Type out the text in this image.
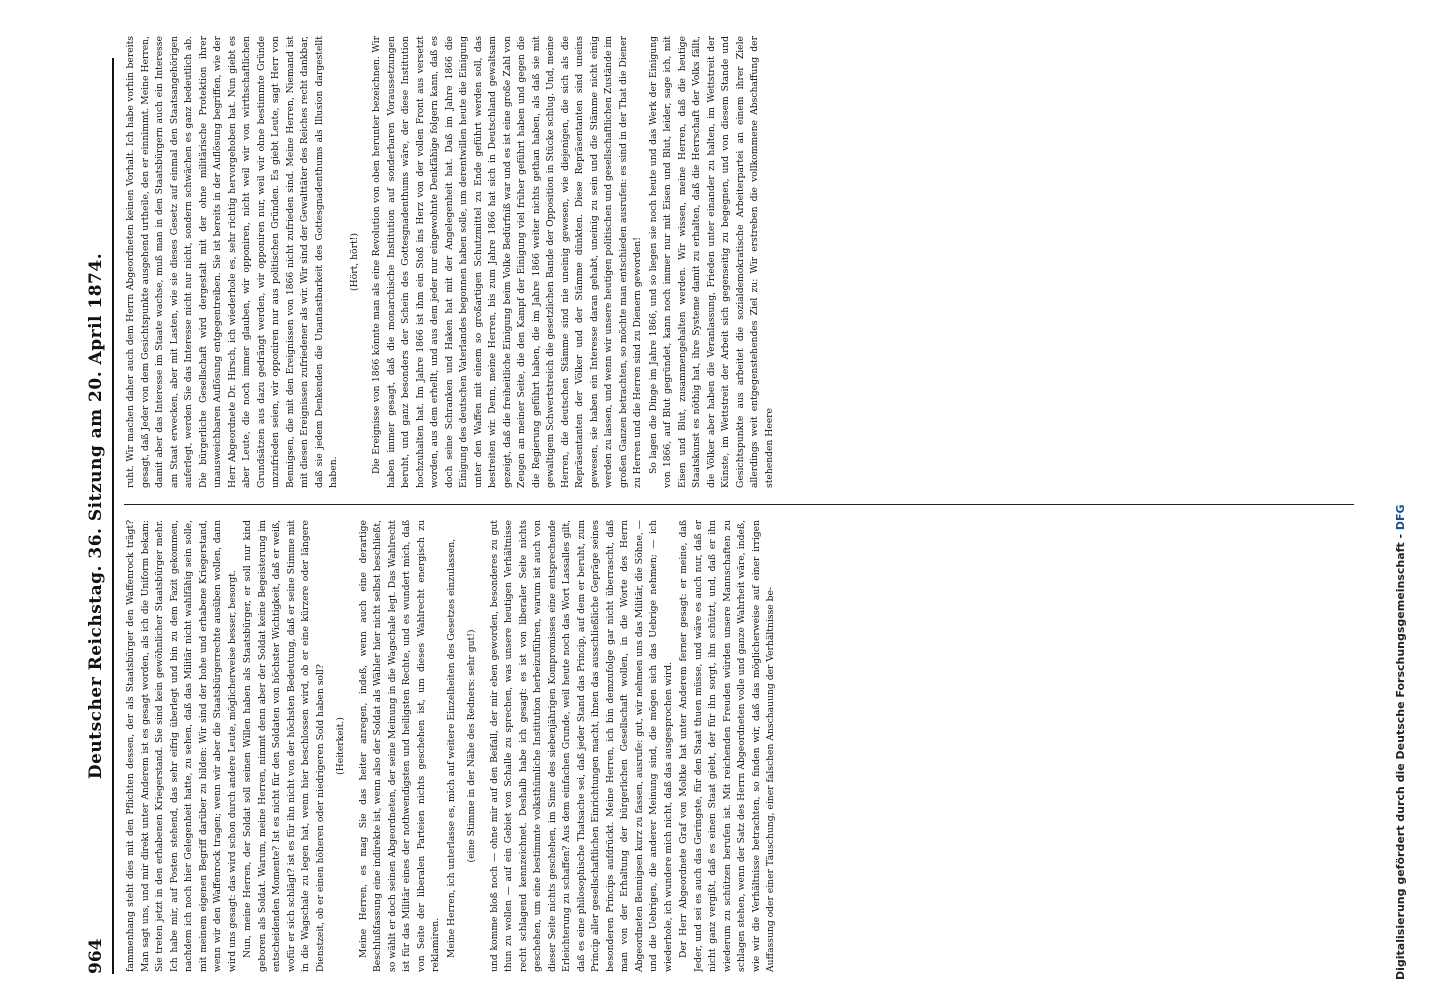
964
Deutscher Reichstag. 36. Sitzung am 20. April 1874. fammenhang steht dies mit den Pflichten dessen, der als Staatsbürger den Waffenrock trägt? Man sagt uns, und mir direkt unter Anderem ist es gesagt worden, als ich die Uniform bekam: Sie treten jetzt in den erhabenen Kriegerstand. Sie sind kein gewöhnlicher Staatsbürger mehr. Ich habe mir, auf Posten stehend, das sehr eifrig überlegt und bin zu dem Fazit gekommen, nachdem ich noch hier Gelegenheit hatte, zu sehen, daß das Militär nicht wahlfähig sein solle, mit meinem eigenen Begriff darüber zu bilden: Wir sind der hohe und erhabene Kriegerstand, wenn wir den Waffenrock tragen; wenn wir aber die Staatsbürgerrechte ausüben wollen, dann wird uns gesagt: das wird schon durch andere Leute, möglicherweise besser, besorgt. Nun, meine Herren, der Soldat soll seinen Willen haben als Staatsbürger, er soll nur kind geboren als Soldat. Warum, meine Herren, nimmt denn aber der Soldat keine Begeisterung im entscheidenden Momente? Ist es nicht für den Soldaten von höchster Wichtigkeit, daß er weiß, wofür er sich schlägt? ist es für ihn nicht von der höchsten Bedeutung, daß er seine Stimme mit in die Wagschale zu legen hat, wenn hier beschlossen wird, ob er eine kürzere oder längere Dienstzeit, ob er einen höheren oder niedrigeren Sold haben soll? (Heiterkeit.) Meine Herren, es mag Sie das heiter anregen, indeß, wenn auch eine derartige Beschlußfassung eine indirekte ist, wenn also der Soldat als Wähler hier nicht selbst beschließt, so wählt er doch seinen Abgeordneten, der seine Meinung in die Wagschale legt. Das Wahlrecht ist für das Militär eines der nothwendigsten und heiligsten Rechte, und es wundert mich, daß von Seite der liberalen Parteien nichts geschehen ist, um dieses Wahlrecht energisch zu reklamiren. Meine Herren, ich unterlasse es, mich auf weitere Einzelheiten des Gesetzes einzulassen, (eine Stimme in der Nähe des Redners: sehr gut!) und komme bloß noch — ohne mir auf den Beifall, der mir eben geworden, besonderes zu gut thun zu wollen — auf ein Gebiet von Schalle zu sprechen, was unsere heutigen Verhältnisse recht schlagend kennzeichnet. Deshalb habe ich gesagt: es ist von liberaler Seite nichts geschehen, um eine bestimmte volksthümliche Institution herbeizuführen, warum ist auch von dieser Seite nichts geschehen, im Sinne des siebenjährigen Kompromisses eine entsprechende Erleichterung zu schaffen? Aus dem einfachen Grunde, weil heute noch das Wort Lassalles gilt, daß es eine philosophische Thatsache sei, daß jeder Stand das Princip, auf dem er beruht, zum Princip aller gesellschaftlichen Einrichtungen macht, ihnen das ausschließliche Gepräge seines besonderen Princips aufdrückt. Meine Herren, ich bin demzufolge gar nicht überrascht, daß man von der Erhaltung der bürgerlichen Gesellschaft wollen, in die Worte des Herrn Abgeordneten Bennigsen kurz zu fassen, ausrufe: gut, wir nehmen uns das Militär, die Söhne, — und die Uebrigen, die anderer Meinung sind, die mögen sich das Uebrige nehmen; — ich wiederhole, ich wundere mich nicht, daß das ausgesprochen wird. Der Herr Abgeordnete Graf von Moltke hat unter Anderem ferner gesagt: er meine, daß Jeder, und sei es auch das Geringste, für den Staat thuen müsse, und wäre es auch nur, daß er nicht ganz vergißt, daß es einen Staat giebt, der für ihn sorgt, ihn schützt, und, daß er ihn wiederum zu schützen berufen ist. Mit reichenden Freuden würden unsere Mannschaften zu schlagen stehen, wenn der Satz des Herrn Abgeordneten volle und ganze Wahrheit wäre, indeß, wie wir die Verhältnisse betrachten, so finden wir, daß das möglicherweise auf einer irrigen Auffassung oder einer Täuschung, einer falschen Anschauung der Verhältnisse be-

ruht. Wir machen daher auch dem Herrn Abgeordneten keinen Vorhalt. Ich habe vorhin bereits gesagt, daß Jeder von dem Gesichtspunkte ausgehend urtheile, den er einnimmt. Meine Herren, damit aber das Interesse im Staate wachse, muß man in den Staatsbürgern auch ein Interesse am Staat erwecken, aber mit Lasten, wie sie dieses Gesetz auf einmal den Staatsangehörigen auferlegt, werden Sie das Interesse nicht nur nicht, sondern schwächen es ganz bedeutlich ab. Die bürgerliche Gesellschaft wird dergestalt mit der ohne militärische Protektion ihrer unausweichbaren Auflösung entgegentreiben. Sie ist bereits in der Auflösung begriffen, wie der Herr Abgeordnete Dr. Hirsch, ich wiederhole es, sehr richtig hervorgehoben hat. Nun giebt es aber Leute, die noch immer glauben, wir opponiren, nicht weil wir von wirthschaftlichen Grundsätzen aus dazu gedrängt werden, wir opponiren nur, weil wir ohne bestimmte Gründe unzufrieden seien, wir opponiren nur aus politischen Gründen. Es giebt Leute, sagt Herr von Bennigsen, die mit den Ereignissen von 1866 nicht zufrieden sind. Meine Herren, Niemand ist mit diesen Ereignissen zufriedener als wir. Wir sind der Gewalttäter des Reiches recht dankbar, daß sie jedem Denkenden die Unantastbarkeit des Gottesgnadenthums als Illusion dargestellt haben.

(Hört, hört!) Die Ereignisse von 1866 könnte man als eine Revolution von oben herunter bezeichnen. Wir haben immer gesagt, daß die monarchische Institution auf sonderbaren Voraussetzungen beruht, und ganz besonders der Schein des Gottesgnadenthums wäre, der diese Institution hochzuhalten hat. Im Jahre 1866 ist ihm ein Stoß ins Herz von der vollen Front aus versetzt worden, aus dem erhellt, und aus dem jeder nur eingewohnte Denkfähige folgern kann, daß es doch seine Schranken und Haken hat mit der Angelegenheit hat. Daß im Jahre 1866 die Einigung des deutschen Vaterlandes begonnen haben solle, um derentwillen heute die Einigung unter den Waffen mit einem so großartigen Schutzmittel zu Ende geführt werden soll, das bestreiten wir. Denn, meine Herren, bis zum Jahre 1866 hat sich in Deutschland gewaltsam gezeigt, daß die freiheitliche Einigung beim Volke Bedürfniß war und es ist eine große Zahl von Zeugen an meiner Seite, die den Kampf der Einigung viel früher geführt haben und gegen die die Regierung geführt haben, die im Jahre 1866 weiter nichts gethan haben, als daß sie mit gewaltigem Schwertstreich die gesetzlichen Bande der Opposition in Stücke schlug. Und, meine Herren, die deutschen Stämme sind nie uneinig gewesen, wie diejenigen, die sich als die Repräsentanten der Völker und der Stämme dünkten. Diese Repräsentanten sind uneins gewesen, sie haben ein Interesse daran gehabt, uneinig zu sein und die Stämme nicht einig werden zu lassen, und wenn wir unsere heutigen politischen und gesellschaftlichen Zustände im großen Ganzen betrachten, so möchte man entschieden ausrufen: es sind in der That die Diener zu Herren und die Herren sind zu Dienern geworden! So lagen die Dinge im Jahre 1866, und so liegen sie noch heute und das Werk der Einigung von 1866, auf Blut gegründet, kann noch immer nur mit Eisen und Blut, leider, sage ich, mit Eisen und Blut, zusammengehalten werden. Wir wissen, meine Herren, daß die heutige Staatskunst es nöthig hat, ihre Systeme damit zu erhalten, daß die Herrschaft der Volks fällt, die Völker aber haben die Veranlassung, Frieden unter einander zu halten, im Wettstreit der Künste, im Wettstreit der Arbeit sich gegenseitig zu begegnen, und von diesem Stande und Gesichtspunkte aus arbeitet die sozialdemokratische Arbeiterpartei an einem ihrer Ziele allerdings weit entgegenstehendes Ziel zu: Wir erstreben die vollkommene Abschaffung der stehenden Heere

Digitalisierung gefördert durch die Deutsche Forschungsgemeinschaft - DFG
